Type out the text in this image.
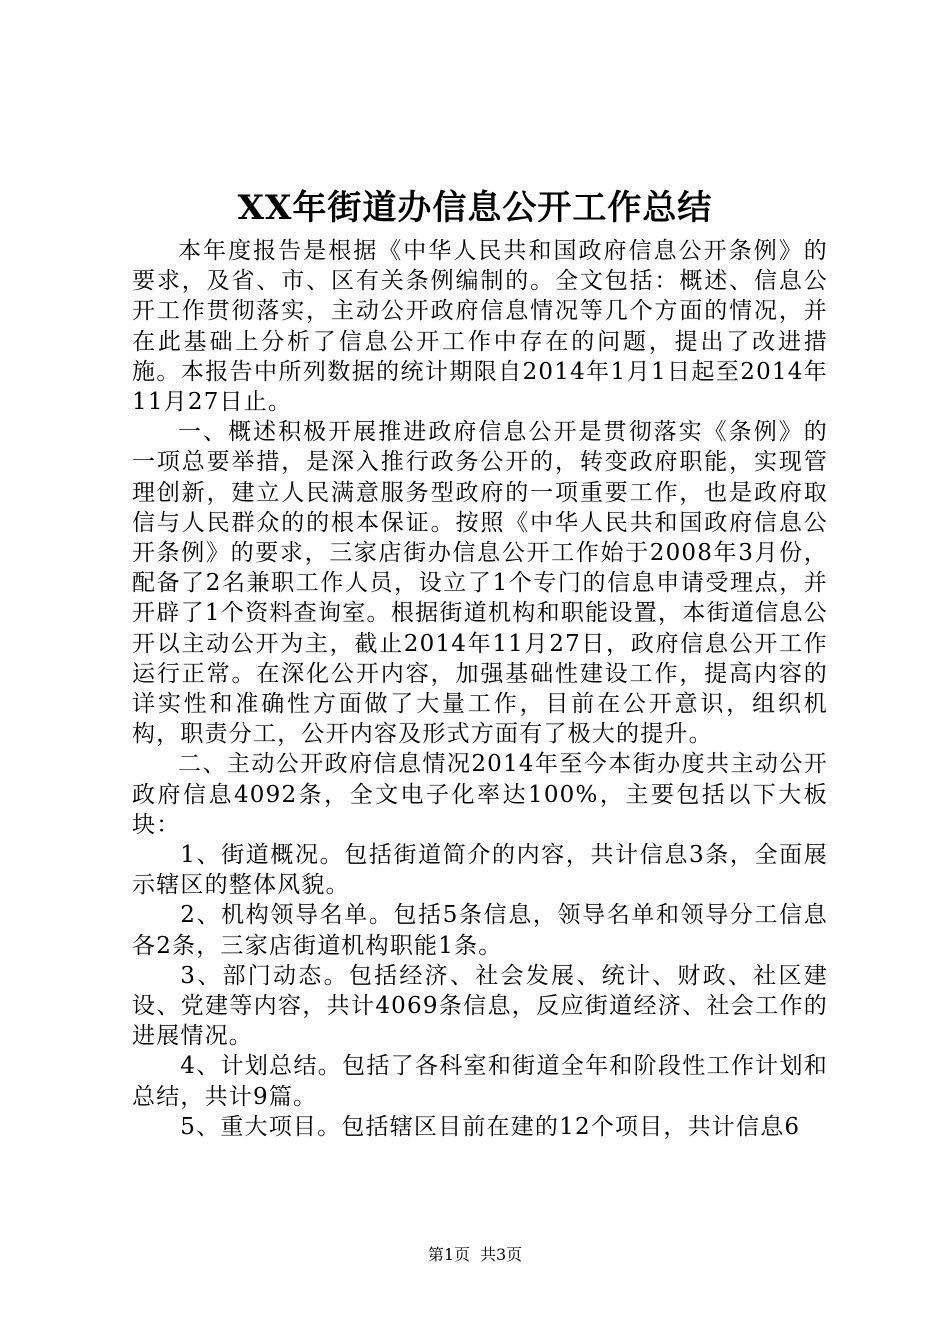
XX年街道办信息公开工作总结

本年度报告是根据《中华人民共和国政府信息公开条例》的要求，及省、市、区有关条例编制的。全文包括：概述、信息公开工作贯彻落实，主动公开政府信息情况等几个方面的情况，并在此基础上分析了信息公开工作中存在的问题，提出了改进措施。本报告中所列数据的统计期限自2014年1月1日起至2014年11月27日止。

一、概述积极开展推进政府信息公开是贯彻落实《条例》的一项总要举措，是深入推行政务公开的，转变政府职能，实现管理创新，建立人民满意服务型政府的一项重要工作，也是政府取信与人民群众的的根本保证。按照《中华人民共和国政府信息公开条例》的要求，三家店街办信息公开工作始于2008年3月份，配备了2名兼职工作人员，设立了1个专门的信息申请受理点，并开辟了1个资料查询室。根据街道机构和职能设置，本街道信息公开以主动公开为主，截止2014年11月27日，政府信息公开工作运行正常。在深化公开内容，加强基础性建设工作，提高内容的详实性和准确性方面做了大量工作，目前在公开意识，组织机构，职责分工，公开内容及形式方面有了极大的提升。

二、主动公开政府信息情况2014年至今本街办度共主动公开政府信息4092条，全文电子化率达100%，主要包括以下大板块：

1、街道概况。包括街道简介的内容，共计信息3条，全面展示辖区的整体风貌。

2、机构领导名单。包括5条信息，领导名单和领导分工信息各2条，三家店街道机构职能1条。

3、部门动态。包括经济、社会发展、统计、财政、社区建设、党建等内容，共计4069条信息，反应街道经济、社会工作的进展情况。

4、计划总结。包括了各科室和街道全年和阶段性工作计划和总结，共计9篇。

5、重大项目。包括辖区目前在建的12个项目，共计信息6

第1页 共3页
